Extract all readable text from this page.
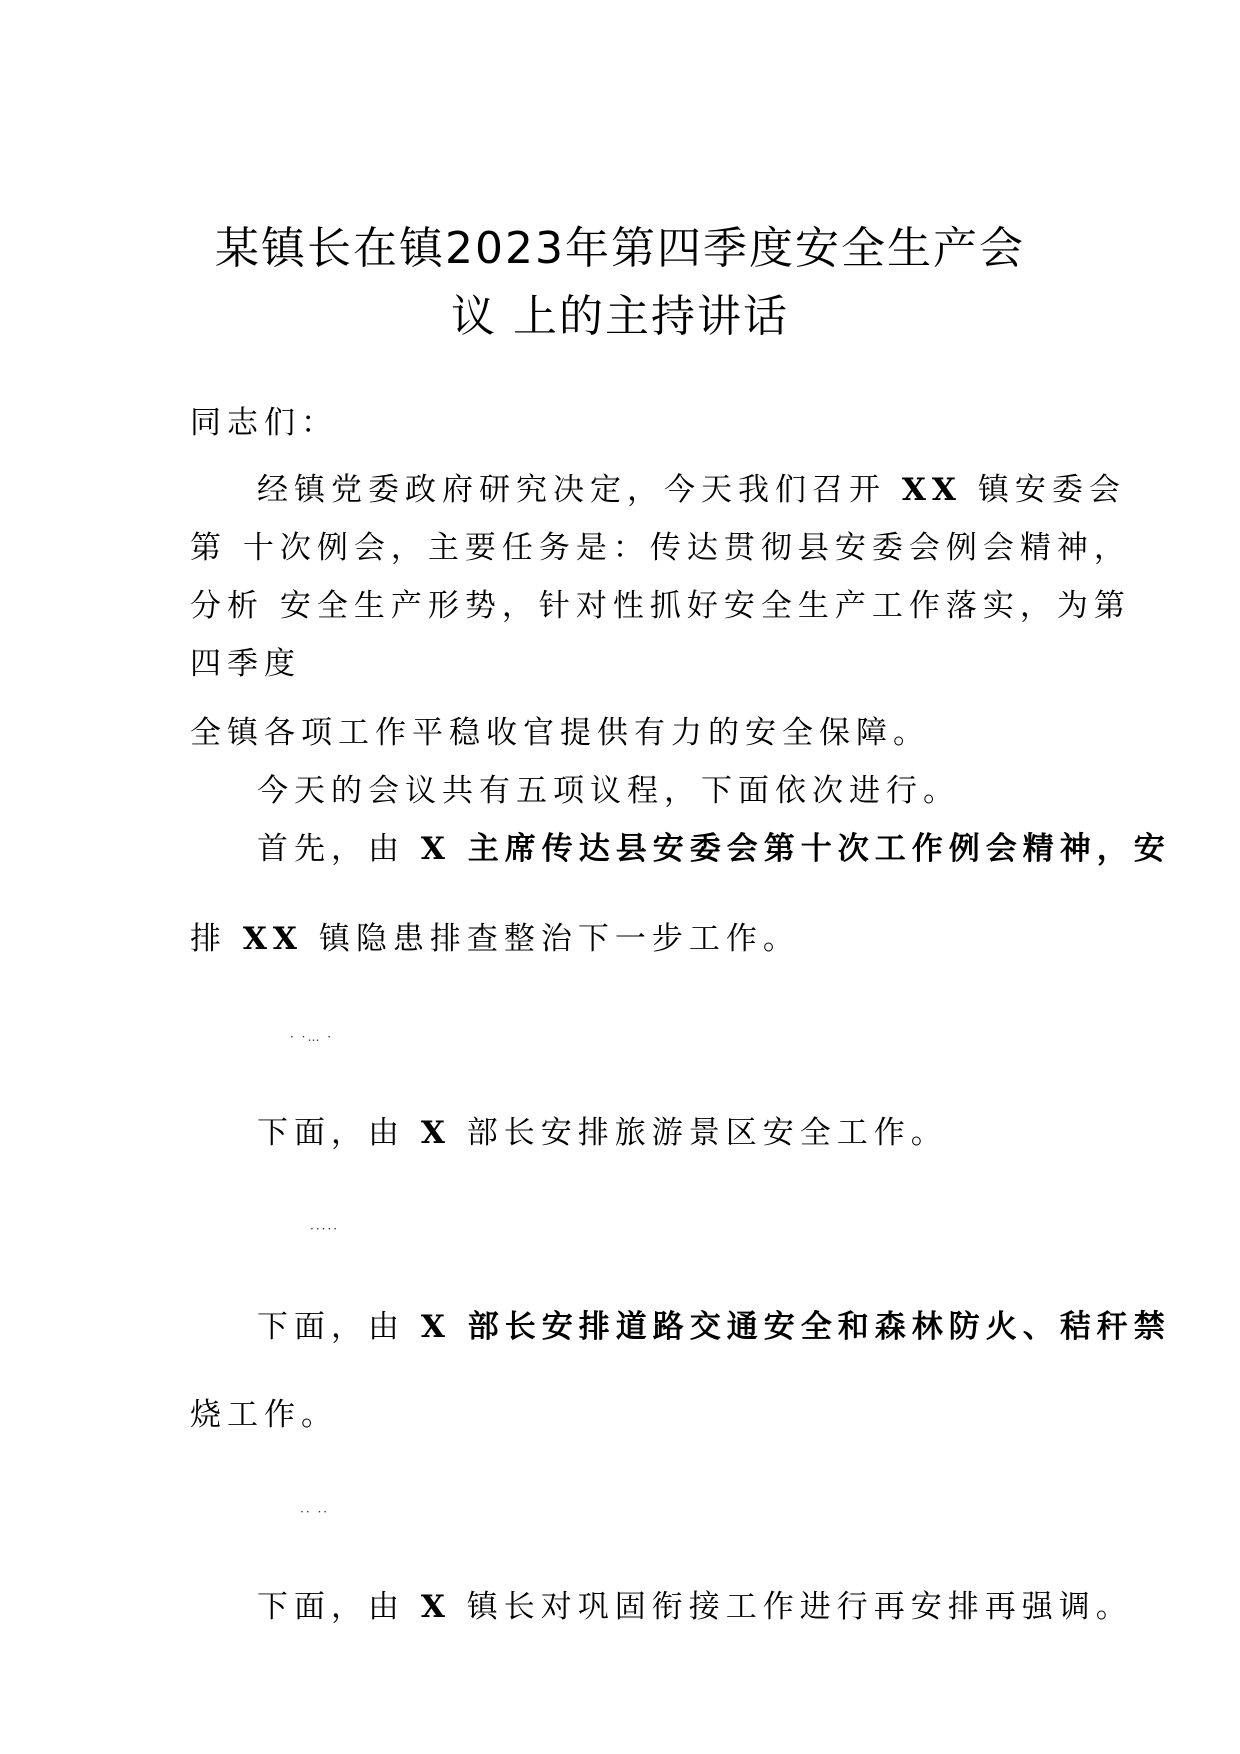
某镇长在镇2023年第四季度安全生产会
议 上的主持讲话
同志们：
经镇党委政府研究决定，今天我们召开 XX 镇安委会
第 十次例会，主要任务是：传达贯彻县安委会例会精神，
分析 安全生产形势，针对性抓好安全生产工作落实，为第
四季度
全镇各项工作平稳收官提供有力的安全保障。
今天的会议共有五项议程，下面依次进行。
首先，由 X 主席传达县安委会第十次工作例会精神，安
排 XX 镇隐患排查整治下一步工作。
· ·… ·
下面，由 X 部长安排旅游景区安全工作。
·····
下面，由 X 部长安排道路交通安全和森林防火、秸秆禁
烧工作。
·· ··
下面，由 X 镇长对巩固衔接工作进行再安排再强调。
